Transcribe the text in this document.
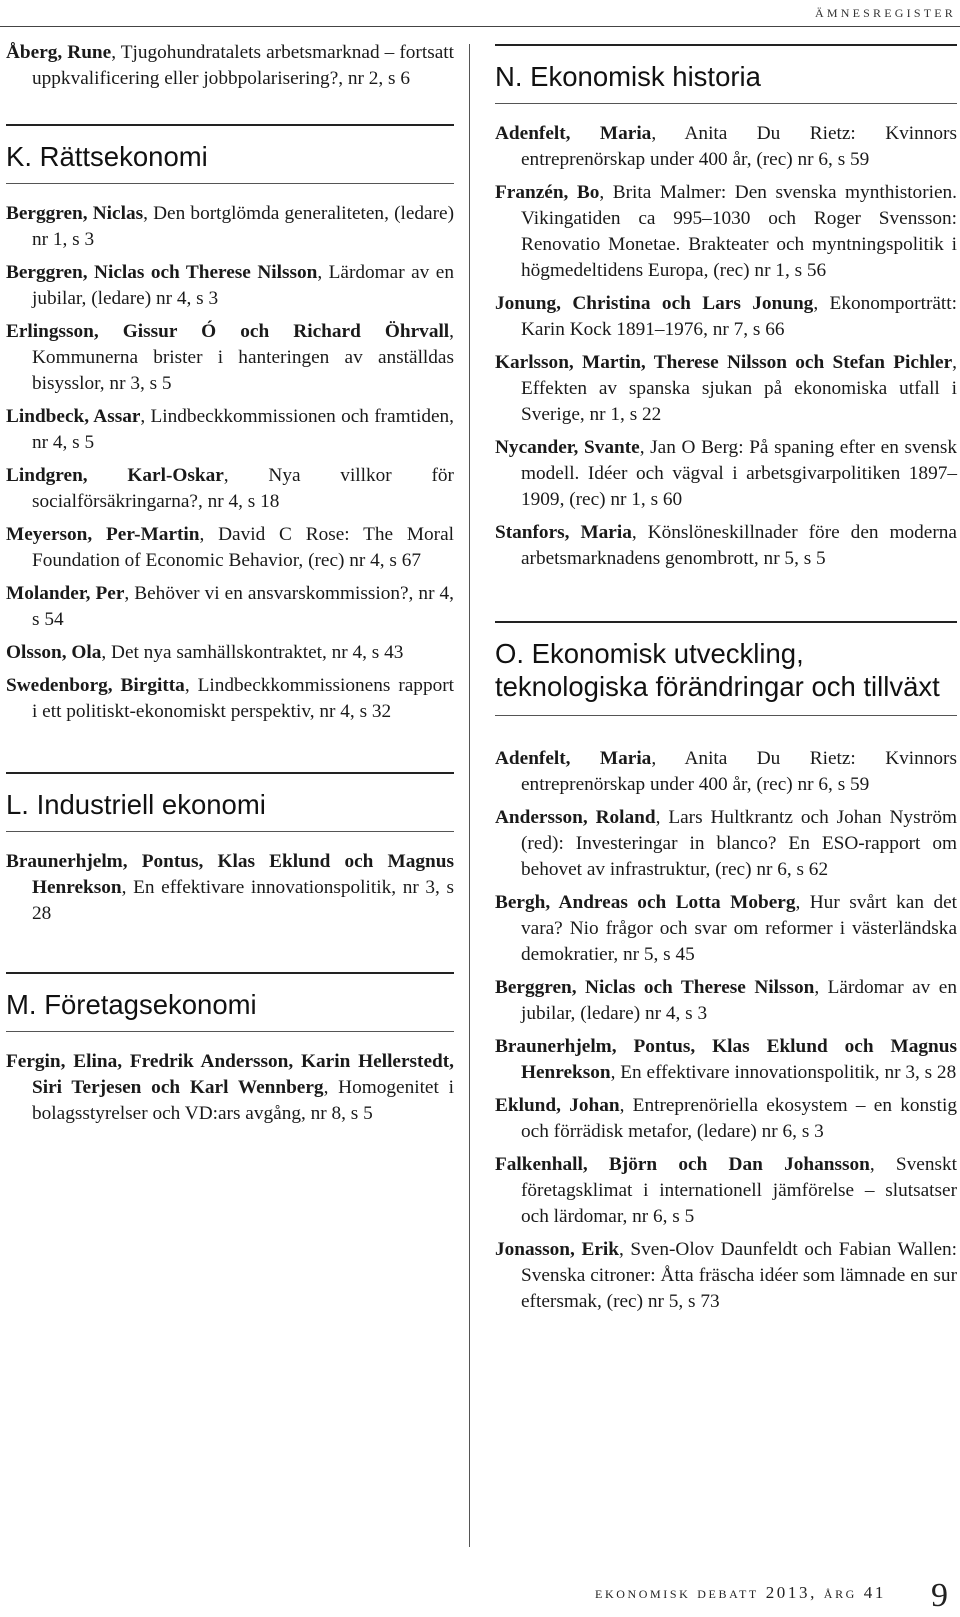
ämnesregister

Åberg, Rune, Tjugohundratalets arbetsmarknad – fortsatt uppkvalificering eller jobbpolarisering?, nr 2, s 6

K. Rättsekonomi

Berggren, Niclas, Den bortglömda generaliteten, (ledare) nr 1, s 3

Berggren, Niclas och Therese Nilsson, Lärdomar av en jubilar, (ledare) nr 4, s 3

Erlingsson, Gissur Ó och Richard Öhrvall, Kommunerna brister i hanteringen av anställdas bisysslor, nr 3, s 5

Lindbeck, Assar, Lindbeckkommissionen och framtiden, nr 4, s 5

Lindgren, Karl-Oskar, Nya villkor för socialförsäkringarna?, nr 4, s 18

Meyerson, Per-Martin, David C Rose: The Moral Foundation of Economic Behavior, (rec) nr 4, s 67

Molander, Per, Behöver vi en ansvarskommission?, nr 4, s 54

Olsson, Ola, Det nya samhällskontraktet, nr 4, s 43

Swedenborg, Birgitta, Lindbeckkommissionens rapport i ett politiskt-ekonomiskt perspektiv, nr 4, s 32

L. Industriell ekonomi

Braunerhjelm, Pontus, Klas Eklund och Magnus Henrekson, En effektivare innovationspolitik, nr 3, s 28

M. Företagsekonomi

Fergin, Elina, Fredrik Andersson, Karin Hellerstedt, Siri Terjesen och Karl Wennberg, Homogenitet i bolagsstyrelser och VD:ars avgång, nr 8, s 5

N. Ekonomisk historia

Adenfelt, Maria, Anita Du Rietz: Kvinnors entreprenörskap under 400 år, (rec) nr 6, s 59

Franzén, Bo, Brita Malmer: Den svenska mynthistorien. Vikingatiden ca 995–1030 och Roger Svensson: Renovatio Monetae. Brakteater och myntningspolitik i högmedeltidens Europa, (rec) nr 1, s 56

Jonung, Christina och Lars Jonung, Ekonomporträtt: Karin Kock 1891–1976, nr 7, s 66

Karlsson, Martin, Therese Nilsson och Stefan Pichler, Effekten av spanska sjukan på ekonomiska utfall i Sverige, nr 1, s 22

Nycander, Svante, Jan O Berg: På spaning efter en svensk modell. Idéer och vägval i arbetsgivarpolitiken 1897–1909, (rec) nr 1, s 60

Stanfors, Maria, Könslöneskillnader före den moderna arbetsmarknadens genombrott, nr 5, s 5

O. Ekonomisk utveckling, teknologiska förändringar och tillväxt

Adenfelt, Maria, Anita Du Rietz: Kvinnors entreprenörskap under 400 år, (rec) nr 6, s 59

Andersson, Roland, Lars Hultkrantz och Johan Nyström (red): Investeringar in blanco? En ESO-rapport om behovet av infrastruktur, (rec) nr 6, s 62

Bergh, Andreas och Lotta Moberg, Hur svårt kan det vara? Nio frågor och svar om reformer i västerländska demokratier, nr 5, s 45

Berggren, Niclas och Therese Nilsson, Lärdomar av en jubilar, (ledare) nr 4, s 3

Braunerhjelm, Pontus, Klas Eklund och Magnus Henrekson, En effektivare innovationspolitik, nr 3, s 28

Eklund, Johan, Entreprenöriella ekosystem – en konstig och förrädisk metafor, (ledare) nr 6, s 3

Falkenhall, Björn och Dan Johansson, Svenskt företagsklimat i internationell jämförelse – slutsatser och lärdomar, nr 6, s 5

Jonasson, Erik, Sven-Olov Daunfeldt och Fabian Wallen: Svenska citroner: Åtta fräscha idéer som lämnade en sur eftersmak, (rec) nr 5, s 73

ekonomisk debatt 2013, årg 41 9
